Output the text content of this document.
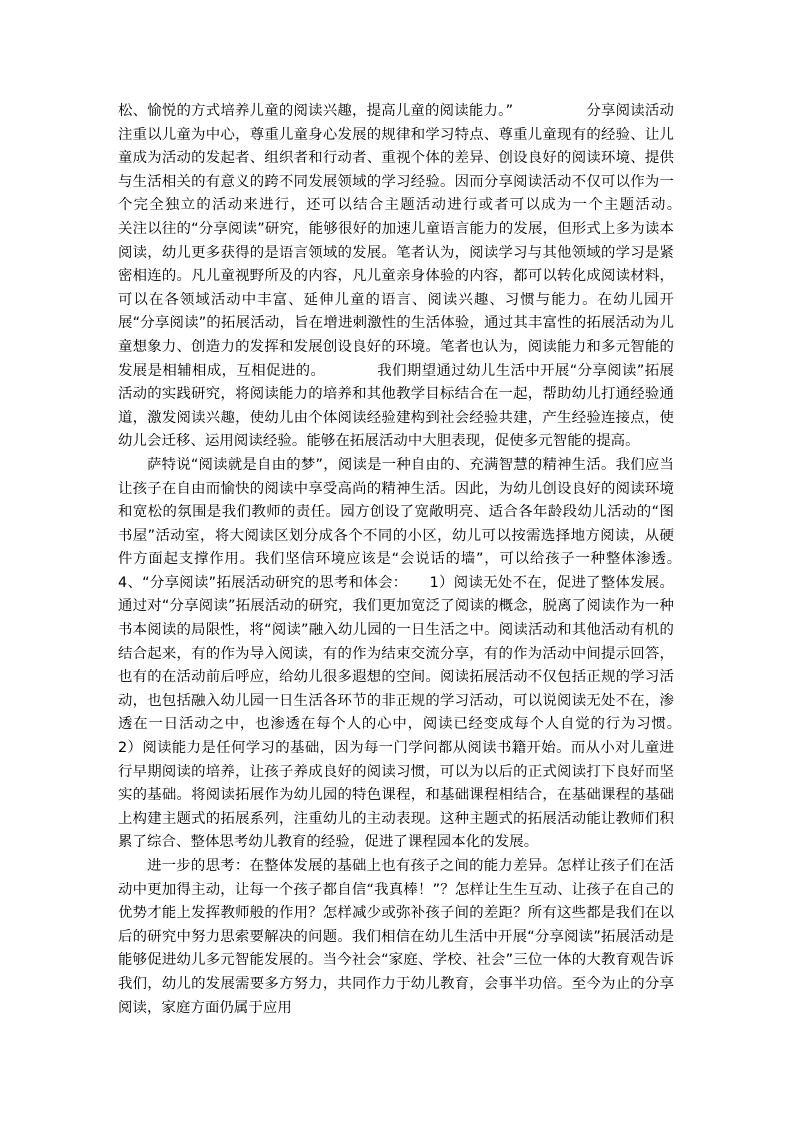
松、愉悦的方式培养儿童的阅读兴趣，提高儿童的阅读能力。”　　　　　分享阅读活动注重以儿童为中心，尊重儿童身心发展的规律和学习特点、尊重儿童现有的经验、让儿童成为活动的发起者、组织者和行动者、重视个体的差异、创设良好的阅读环境、提供与生活相关的有意义的跨不同发展领域的学习经验。因而分享阅读活动不仅可以作为一个完全独立的活动来进行，还可以结合主题活动进行或者可以成为一个主题活动。　　　　关注以往的“分享阅读”研究，能够很好的加速儿童语言能力的发展，但形式上多为读本阅读，幼儿更多获得的是语言领域的发展。笔者认为，阅读学习与其他领域的学习是紧密相连的。凡儿童视野所及的内容，凡儿童亲身体验的内容，都可以转化成阅读材料，可以在各领域活动中丰富、延伸儿童的语言、阅读兴趣、习惯与能力。在幼儿园开展“分享阅读”的拓展活动，旨在增进刺激性的生活体验，通过其丰富性的拓展活动为儿童想象力、创造力的发挥和发展创设良好的环境。笔者也认为，阅读能力和多元智能的发展是相辅相成，互相促进的。　　　　我们期望通过幼儿生活中开展“分享阅读”拓展活动的实践研究，将阅读能力的培养和其他教学目标结合在一起，帮助幼儿打通经验通道，激发阅读兴趣，使幼儿由个体阅读经验建构到社会经验共建，产生经验连接点，使幼儿会迁移、运用阅读经验。能够在拓展活动中大胆表现，促使多元智能的提高。

萨特说“阅读就是自由的梦”，阅读是一种自由的、充满智慧的精神生活。我们应当让孩子在自由而愉快的阅读中享受高尚的精神生活。因此，为幼儿创设良好的阅读环境和宽松的氛围是我们教师的责任。园方创设了宽敞明亮、适合各年龄段幼儿活动的“图书屋”活动室，将大阅读区划分成各个不同的小区，幼儿可以按需选择地方阅读，从硬件方面起支撑作用。我们坚信环境应该是“会说话的墙”，可以给孩子一种整体渗透。　4、“分享阅读”拓展活动研究的思考和体会：　　1）阅读无处不在，促进了整体发展。通过对“分享阅读”拓展活动的研究，我们更加宽泛了阅读的概念，脱离了阅读作为一种书本阅读的局限性，将“阅读”融入幼儿园的一日生活之中。阅读活动和其他活动有机的结合起来，有的作为导入阅读，有的作为结束交流分享，有的作为活动中间提示回答，也有的在活动前后呼应，给幼儿很多遐想的空间。阅读拓展活动不仅包括正规的学习活动，也包括融入幼儿园一日生活各环节的非正规的学习活动，可以说阅读无处不在，渗透在一日活动之中，也渗透在每个人的心中，阅读已经变成每个人自觉的行为习惯。　　2）阅读能力是任何学习的基础，因为每一门学问都从阅读书籍开始。而从小对儿童进行早期阅读的培养，让孩子养成良好的阅读习惯，可以为以后的正式阅读打下良好而坚实的基础。将阅读拓展作为幼儿园的特色课程，和基础课程相结合，在基础课程的基础上构建主题式的拓展系列，注重幼儿的主动表现。这种主题式的拓展活动能让教师们积累了综合、整体思考幼儿教育的经验，促进了课程园本化的发展。

进一步的思考：在整体发展的基础上也有孩子之间的能力差异。怎样让孩子们在活动中更加得主动，让每一个孩子都自信“我真棒！”？怎样让生生互动、让孩子在自己的优势才能上发挥教师般的作用？怎样减少或弥补孩子间的差距？所有这些都是我们在以后的研究中努力思索要解决的问题。我们相信在幼儿生活中开展“分享阅读”拓展活动是能够促进幼儿多元智能发展的。当今社会“家庭、学校、社会”三位一体的大教育观告诉我们，幼儿的发展需要多方努力，共同作力于幼儿教育，会事半功倍。至今为止的分享阅读，家庭方面仍属于应用
